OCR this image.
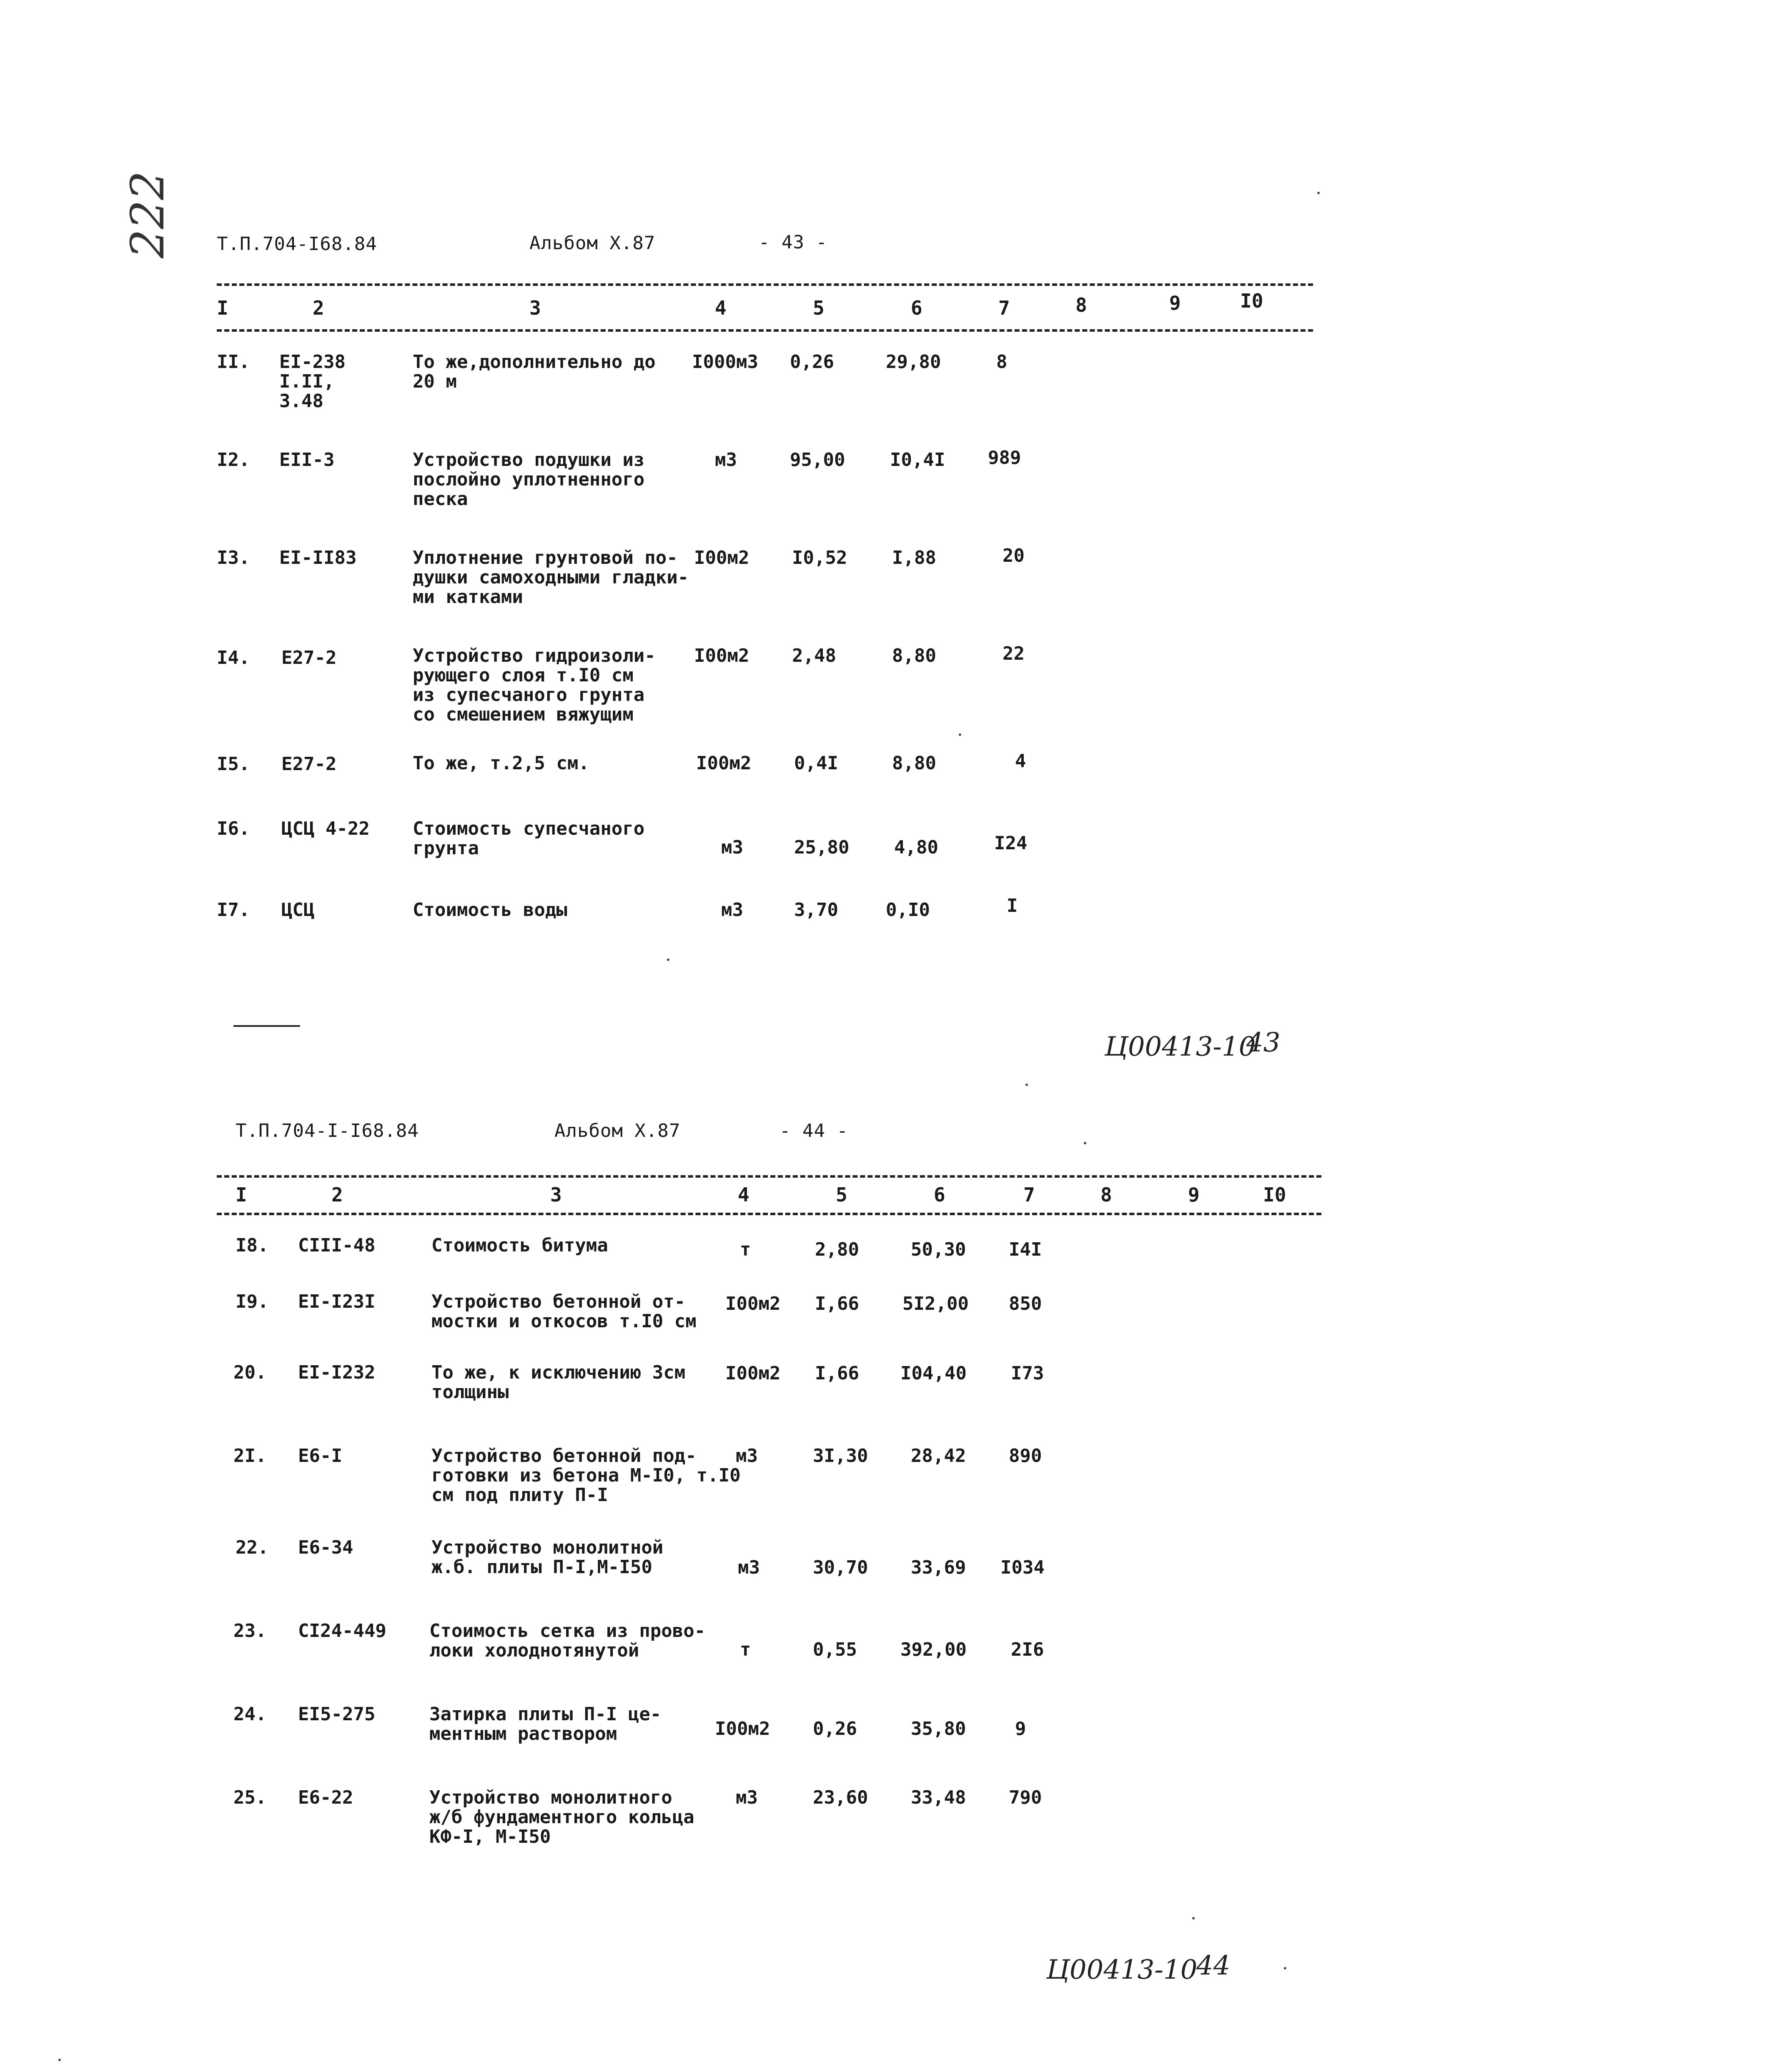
222 Т.П.704-I68.84	Альбом X.87	- 43 -
I	2	3	4	5	6	7	8	9	I0
II. EI-238
I.II,
3.48
То же,дополнительно до
20 м
I000м3 0,26	29,80	8
I2. EII-3	Устройство подушки из
послойно уплотненного
песка
м3	95,00 I0,4I 989
I3. EI-II83	Уплотнение грунтовой по-
душки самоходными гладки-
ми катками
I00м2 I0,52 I,88	20
I4. E27-2	Устройство гидроизоли-
рующего слоя т.I0 см
из супесчаного грунта
со смешением вяжущим
I00м2 2,48	8,80	22
I5. E27-2	То же, т.2,5 см.	I00м2 0,4I	8,80	4
I6. ЦСЦ 4-22 Стоимость супесчаного
грунта	м3	25,80 4,80	I24
I7. ЦСЦ	Стоимость воды	м3	3,70	0,I0	I
Ц00413-10
43
Т.П.704-I-I68.84	Альбом X.87	- 44 -
I	2	3	4	5	6	7	8	9	I0
I8. CIII-48	Стоимость битума	т	2,80	50,30 I4I
I9. EI-I23I	Устройство бетонной от-
мостки и откосов т.I0 см
I00м2 I,66 5I2,00 850
20. EI-I232	То же, к исключению 3см
толщины
I00м2 I,66 I04,40 I73
2I. E6-I	Устройство бетонной под-
готовки из бетона М-I0, т.I0
см под плиту П-I
м3	3I,30 28,42 890
22. E6-34	Устройство монолитной
ж.б. плиты П-I,М-I50	м3	30,70 33,69 I034
23. CI24-449 Стоимость сетка из прово-
локи холоднотянутой	т	0,55 392,00 2I6
24. EI5-275	Затирка плиты П-I це-
ментным раствором	I00м2 0,26	35,80	9
25. E6-22	Устройство монолитного
ж/б фундаментного кольца
КФ-I, М-I50
м3	23,60 33,48 790
Ц00413-10
44
